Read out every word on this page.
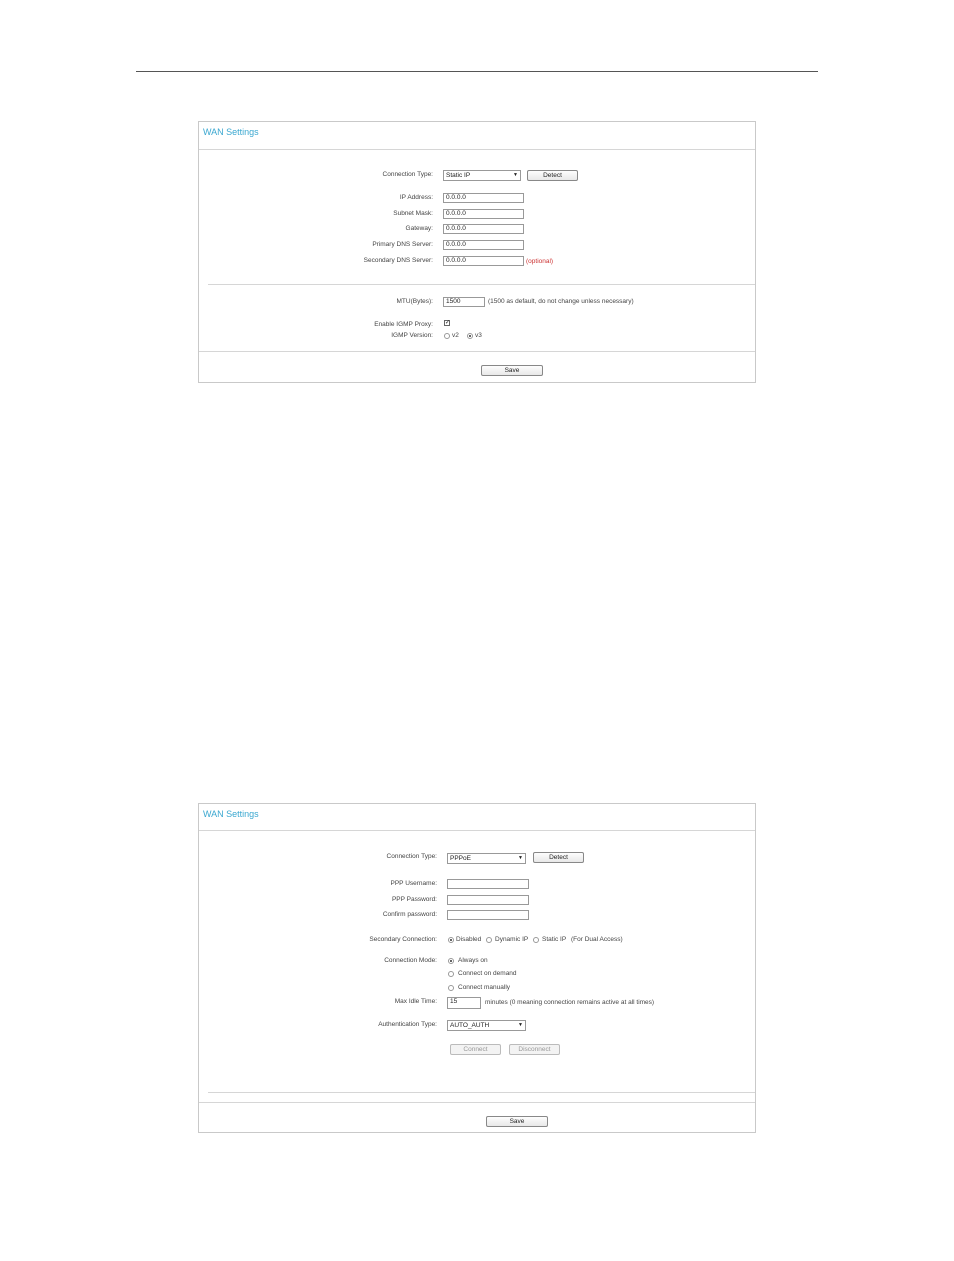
WAN Settings
Connection Type:	Static IP	▼	Detect
IP Address:	0.0.0.0
Subnet Mask:	0.0.0.0
Gateway:	0.0.0.0
Primary DNS Server:	0.0.0.0
Secondary DNS Server:	0.0.0.0	(optional)
MTU(Bytes):	1500	(1500 as default, do not change unless necessary)
Enable IGMP Proxy: ✓
IGMP Version:	v2 v3
Save
WAN Settings
Connection Type:	PPPoE	▼	Detect
PPP Username:
PPP Password:
Confirm password:
Secondary Connection:	Disabled Dynamic IP Static IP (For Dual Access)
Connection Mode:	Always on
Connect on demand
Connect manually
Max Idle Time:	15	minutes (0 meaning connection remains active at all times)
Authentication Type:	AUTO_AUTH	▼
Connect	Disconnect
Save
